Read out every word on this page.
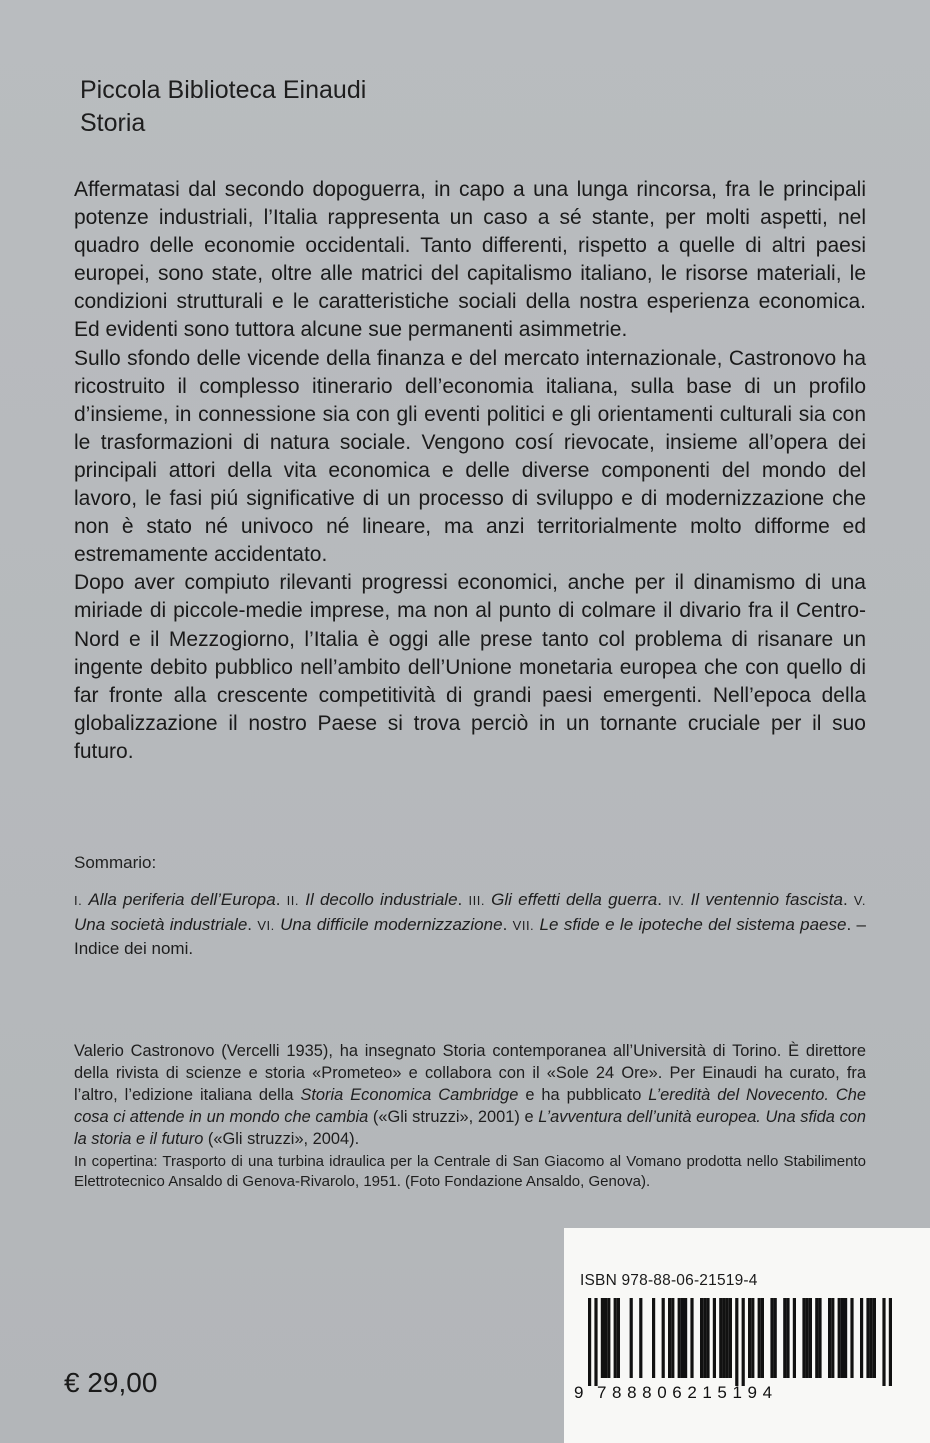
Piccola Biblioteca Einaudi
Storia

Affermatasi dal secondo dopoguerra, in capo a una lunga rincorsa, fra le principali potenze industriali, l’Italia rappresenta un caso a sé stante, per molti aspetti, nel quadro delle economie occidentali. Tanto differenti, rispetto a quelle di altri paesi europei, sono state, oltre alle matrici del capitalismo italiano, le risorse materiali, le condizioni strutturali e le caratteristiche sociali della nostra esperienza economica. Ed evidenti sono tuttora alcune sue permanenti asimmetrie.

Sullo sfondo delle vicende della finanza e del mercato internazionale, Castronovo ha ricostruito il complesso itinerario dell’economia italiana, sulla base di un profilo d’insieme, in connessione sia con gli eventi politici e gli orientamenti culturali sia con le trasformazioni di natura sociale. Vengono cosí rievocate, insieme all’opera dei principali attori della vita economica e delle diverse componenti del mondo del lavoro, le fasi piú significative di un processo di sviluppo e di modernizzazione che non è stato né univoco né lineare, ma anzi territorialmente molto difforme ed estremamente accidentato.

Dopo aver compiuto rilevanti progressi economici, anche per il dinamismo di una miriade di piccole-medie imprese, ma non al punto di colmare il divario fra il Centro-Nord e il Mezzogiorno, l’Italia è oggi alle prese tanto col problema di risanare un ingente debito pubblico nell’ambito dell’Unione monetaria europea che con quello di far fronte alla crescente competitività di grandi paesi emergenti. Nell’epoca della globalizzazione il nostro Paese si trova perciò in un tornante cruciale per il suo futuro.

Sommario:
I. Alla periferia dell’Europa. II. Il decollo industriale. III. Gli effetti della guerra. IV. Il ventennio fascista. V. Una società industriale. VI. Una difficile modernizzazione. VII. Le sfide e le ipoteche del sistema paese. – Indice dei nomi.
Valerio Castronovo (Vercelli 1935), ha insegnato Storia contemporanea all’Università di Torino. È direttore della rivista di scienze e storia «Prometeo» e collabora con il «Sole 24 Ore». Per Einaudi ha curato, fra l’altro, l’edizione italiana della Storia Economica Cambridge e ha pubblicato L’eredità del Novecento. Che cosa ci attende in un mondo che cambia («Gli struzzi», 2001) e L’avventura dell’unità europea. Una sfida con la storia e il futuro («Gli struzzi», 2004).
In copertina: Trasporto di una turbina idraulica per la Centrale di San Giacomo al Vomano prodotta nello Stabilimento Elettrotecnico Ansaldo di Genova-Rivarolo, 1951. (Foto Fondazione Ansaldo, Genova).
€ 29,00
ISBN 978-88-06-21519-4
9 788806215194
